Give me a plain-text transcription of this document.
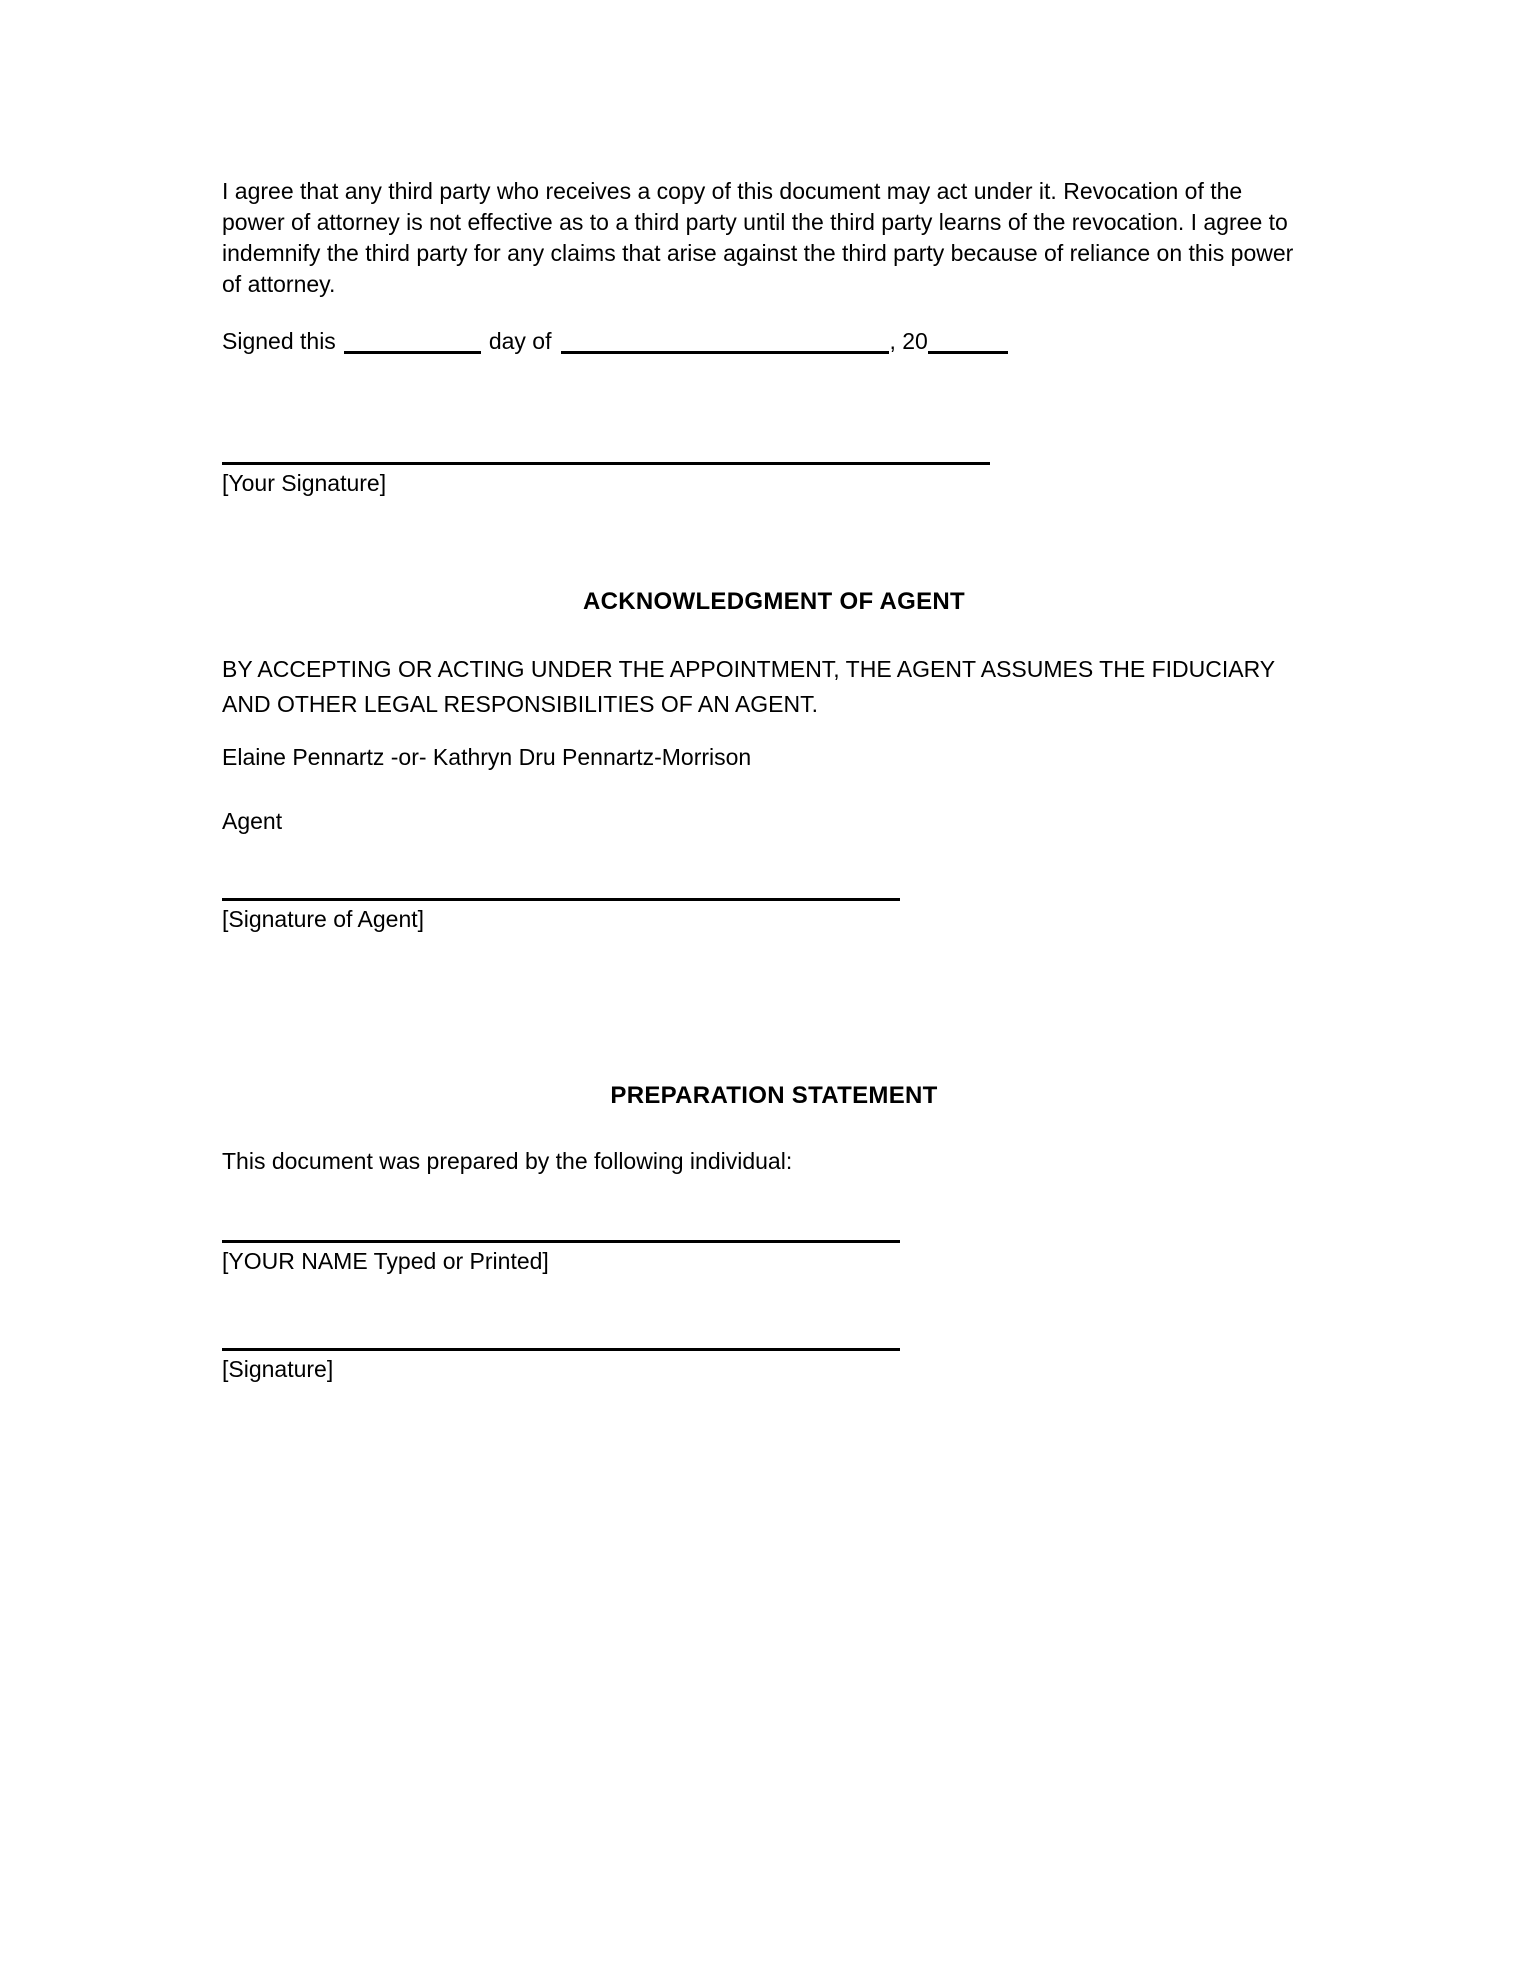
I agree that any third party who receives a copy of this document may act under it. Revocation of the power of attorney is not effective as to a third party until the third party learns of the revocation. I agree to indemnify the third party for any claims that arise against the third party because of reliance on this power of attorney.

Signed this	day of	, 20

[Your Signature]

ACKNOWLEDGMENT OF AGENT

BY ACCEPTING OR ACTING UNDER THE APPOINTMENT, THE AGENT ASSUMES THE FIDUCIARY AND OTHER LEGAL RESPONSIBILITIES OF AN AGENT.

Elaine Pennartz -or- Kathryn Dru Pennartz-Morrison

Agent

[Signature of Agent]

PREPARATION STATEMENT

This document was prepared by the following individual:

[YOUR NAME Typed or Printed]

[Signature]
